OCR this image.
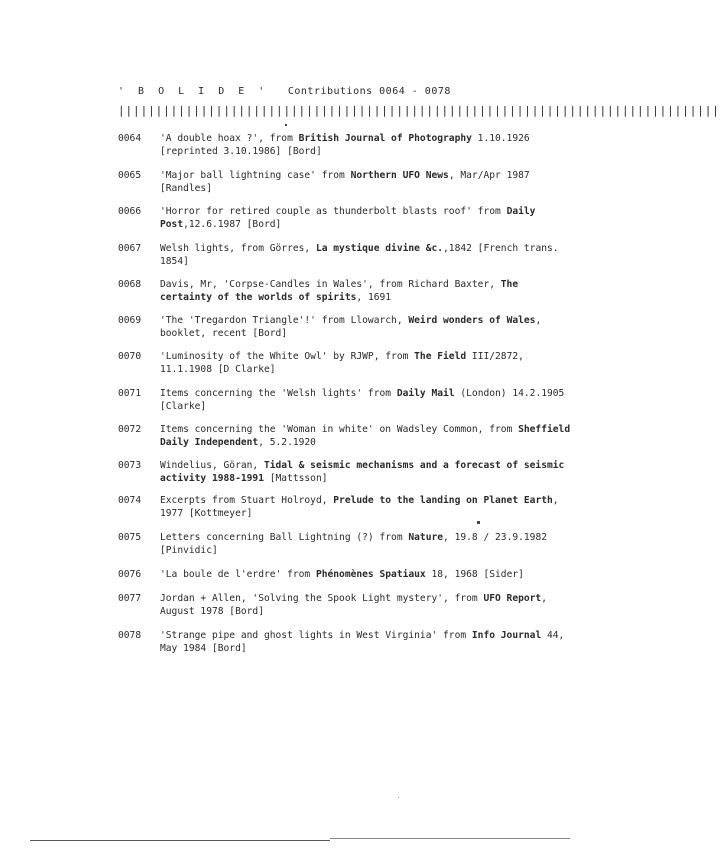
' B O L I D E ' Contributions 0064 - 0078
||||||||||||||||||||||||||||||||||||||||||||||||||||||||||||||||||||||||||||||||
0064	'A double hoax ?', from British Journal of Photography 1.10.1926 [reprinted 3.10.1986] [Bord]
0065	'Major ball lightning case' from Northern UFO News, Mar/Apr 1987 [Randles]
0066	'Horror for retired couple as thunderbolt blasts roof' from Daily Post,12.6.1987 [Bord]
0067	Welsh lights, from Görres, La mystique divine &c.,1842 [French trans. 1854]
0068	Davis, Mr, 'Corpse-Candles in Wales', from Richard Baxter, The certainty of the worlds of spirits, 1691
0069	'The 'Tregardon Triangle'!' from Llowarch, Weird wonders of Wales, booklet, recent [Bord]
0070	'Luminosity of the White Owl' by RJWP, from The Field III/2872, 11.1.1908 [D Clarke]
0071	Items concerning the 'Welsh lights' from Daily Mail (London) 14.2.1905 [Clarke]
0072	Items concerning the 'Woman in white' on Wadsley Common, from Sheffield Daily Independent, 5.2.1920
0073	Windelius, Göran, Tidal & seismic mechanisms and a forecast of seismic activity 1988-1991 [Mattsson]
0074	Excerpts from Stuart Holroyd, Prelude to the landing on Planet Earth, 1977 [Kottmeyer]
0075	Letters concerning Ball Lightning (?) from Nature, 19.8 / 23.9.1982 [Pinvidic]
0076	'La boule de l'erdre' from Phénomènes Spatiaux 18, 1968 [Sider]
0077	Jordan + Allen, 'Solving the Spook Light mystery', from UFO Report, August 1978 [Bord]
0078	'Strange pipe and ghost lights in West Virginia' from Info Journal 44, May 1984 [Bord]
